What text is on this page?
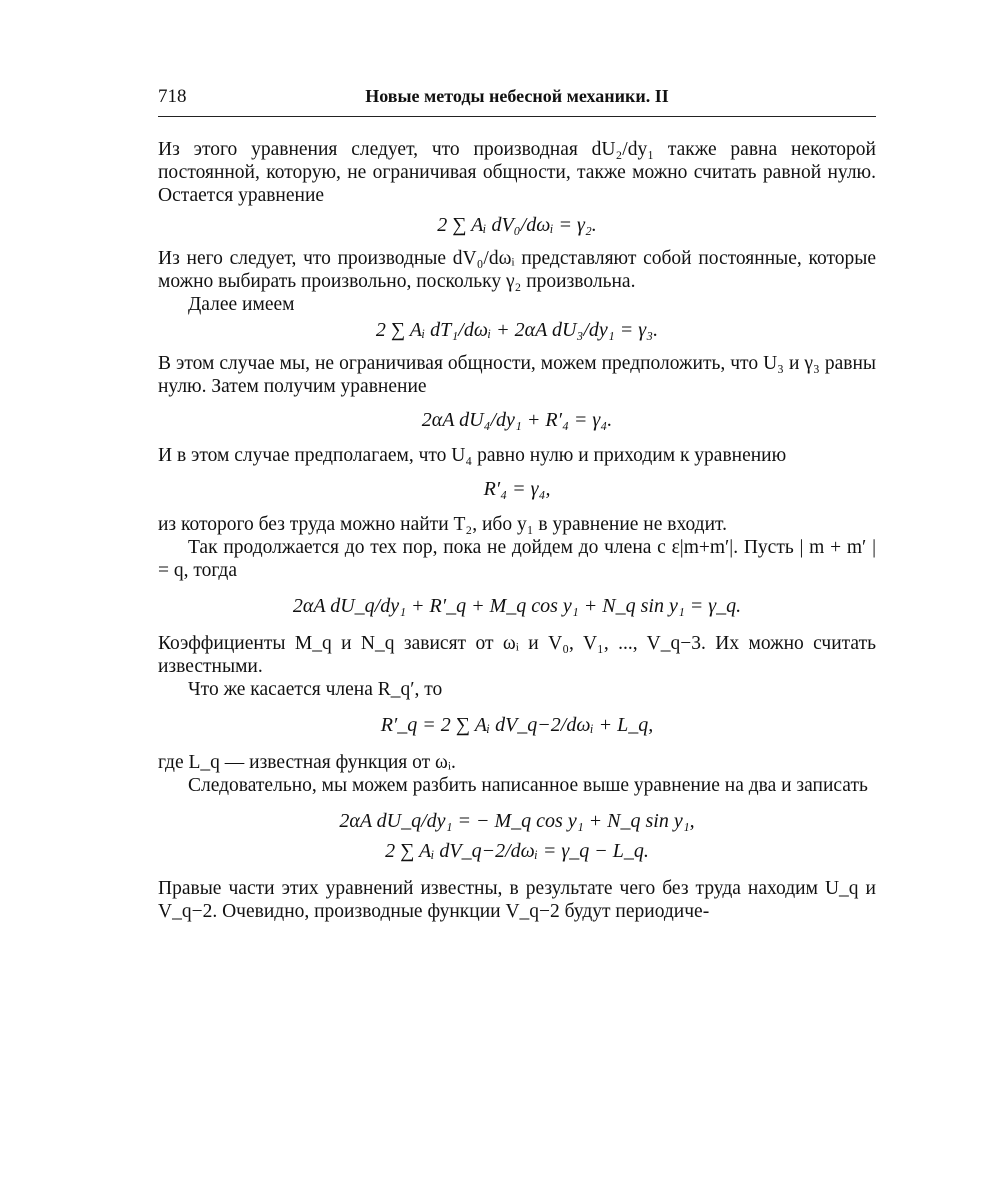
718	Новые методы небесной механики. II

Из этого уравнения следует, что производная dU₂/dy₁ также равна некоторой постоянной, которую, не ограничивая общности, также можно считать равной нулю. Остается уравнение

2 ∑ Aᵢ dV₀/dωᵢ = γ₂.

Из него следует, что производные dV₀/dωᵢ представляют собой постоянные, которые можно выбирать произвольно, поскольку γ₂ произвольна.

Далее имеем

2 ∑ Aᵢ dT₁/dωᵢ + 2αA dU₃/dy₁ = γ₃.

В этом случае мы, не ограничивая общности, можем предположить, что U₃ и γ₃ равны нулю. Затем получим уравнение

2αA dU₄/dy₁ + R′₄ = γ₄.

И в этом случае предполагаем, что U₄ равно нулю и приходим к уравнению

R′₄ = γ₄,

из которого без труда можно найти T₂, ибо y₁ в уравнение не входит.

Так продолжается до тех пор, пока не дойдем до члена с ε|m+m′|. Пусть | m + m′ | = q, тогда

2αA dU_q/dy₁ + R′_q + M_q cos y₁ + N_q sin y₁ = γ_q.

Коэффициенты M_q и N_q зависят от ωᵢ и V₀, V₁, ..., V_q−3. Их можно считать известными.

Что же касается члена R_q′, то

R′_q = 2 ∑ Aᵢ dV_q−2/dωᵢ + L_q,

где L_q — известная функция от ωᵢ.

Следовательно, мы можем разбить написанное выше уравнение на два и записать

2αA dU_q/dy₁ = − M_q cos y₁ + N_q sin y₁,
2 ∑ Aᵢ dV_q−2/dωᵢ = γ_q − L_q.

Правые части этих уравнений известны, в результате чего без труда находим U_q и V_q−2. Очевидно, производные функции V_q−2 будут периодиче-
